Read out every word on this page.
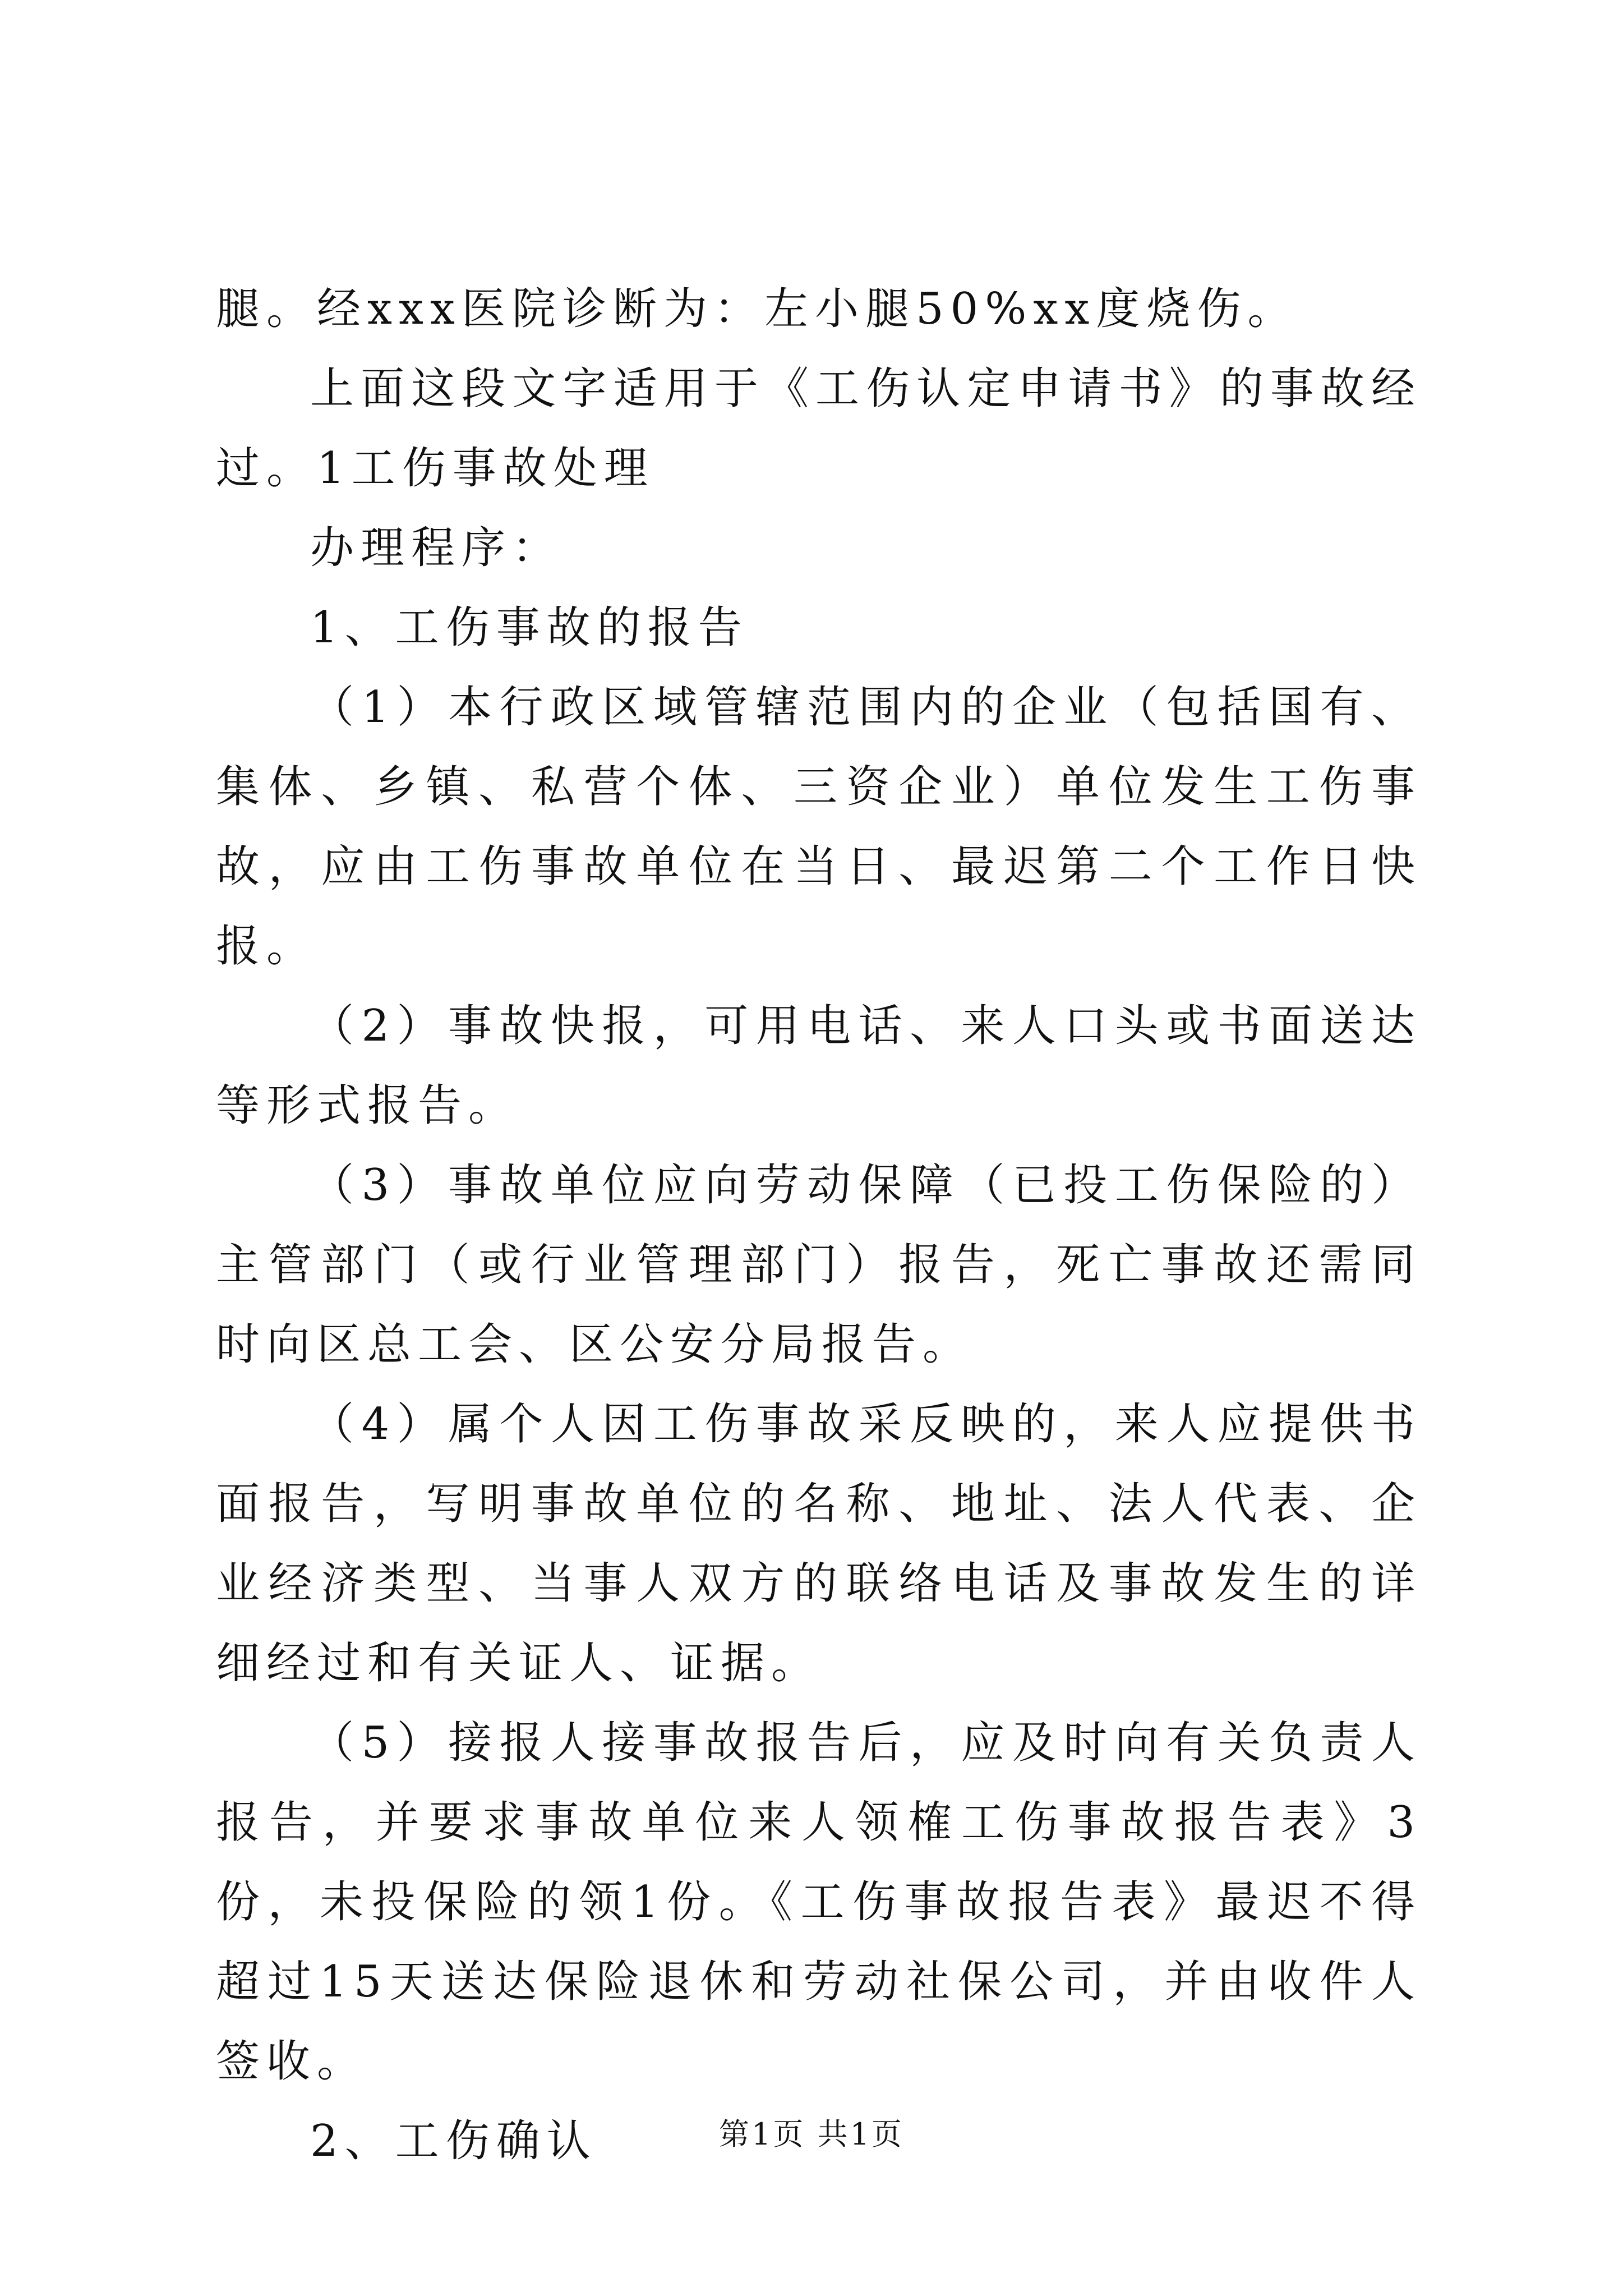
腿。经xxx医院诊断为：左小腿50%xx度烧伤。

上面这段文字适用于《工伤认定申请书》的事故经过。1工伤事故处理

办理程序：

1、工伤事故的报告

（1）本行政区域管辖范围内的企业（包括国有、集体、乡镇、私营个体、三资企业）单位发生工伤事故，应由工伤事故单位在当日、最迟第二个工作日快报。

（2）事故快报，可用电话、来人口头或书面送达等形式报告。

（3）事故单位应向劳动保障（已投工伤保险的）主管部门（或行业管理部门）报告，死亡事故还需同时向区总工会、区公安分局报告。

（4）属个人因工伤事故采反映的，来人应提供书面报告，写明事故单位的名称、地址、法人代表、企业经济类型、当事人双方的联络电话及事故发生的详细经过和有关证人、证据。

（5）接报人接事故报告后，应及时向有关负责人报告，并要求事故单位来人领榷工伤事故报告表》3份，未投保险的领1份。《工伤事故报告表》最迟不得超过15天送达保险退休和劳动社保公司，并由收件人签收。

2、工伤确认	第1页 共1页
